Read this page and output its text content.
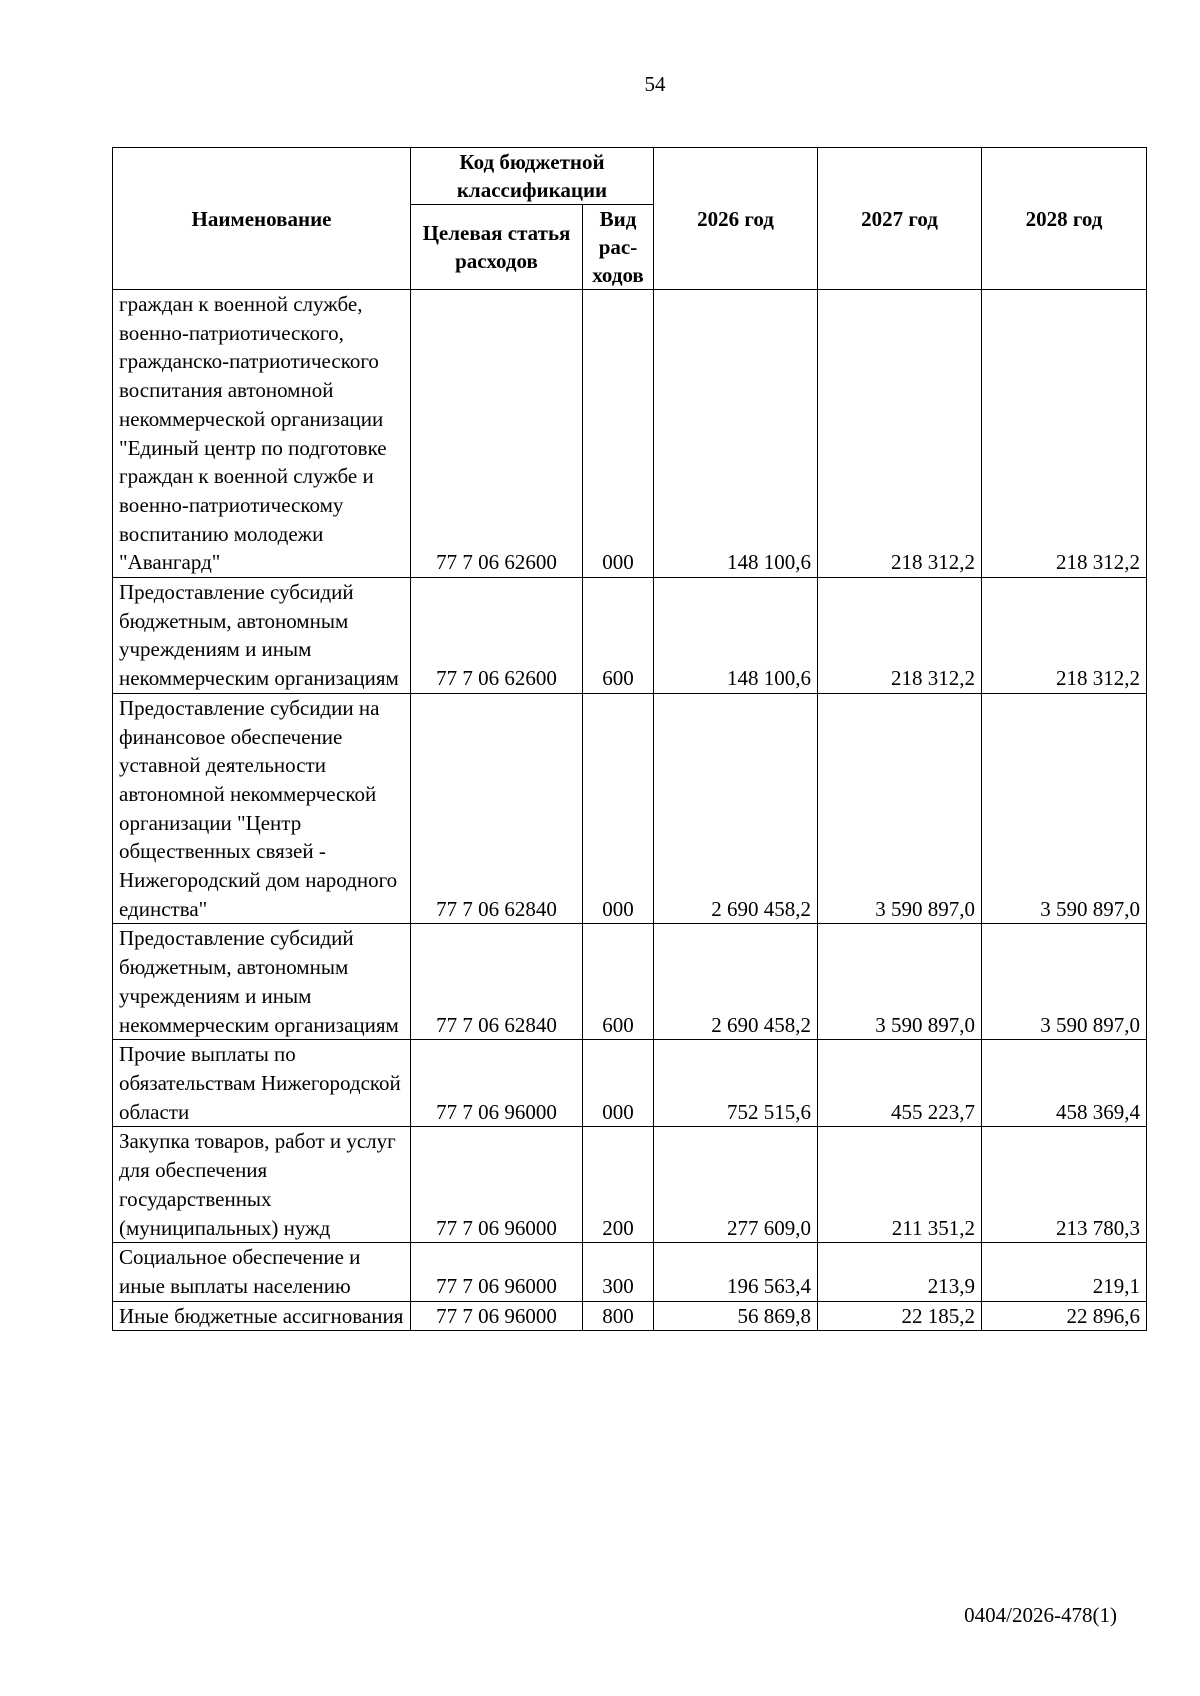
54
Наименование	Код бюджетной классификации		2026 год	2027 год	2028 год
	Целевая статья расходов	Вид рас-ходов			
граждан к военной службе, военно-патриотического, гражданско-патриотического воспитания автономной некоммерческой организации "Единый центр по подготовке граждан к военной службе и военно-патриотическому воспитанию молодежи "Авангард"	77 7 06 62600	000	148 100,6	218 312,2	218 312,2
Предоставление субсидий бюджетным, автономным учреждениям и иным некоммерческим организациям	77 7 06 62600	600	148 100,6	218 312,2	218 312,2
Предоставление субсидии на финансовое обеспечение уставной деятельности автономной некоммерческой организации "Центр общественных связей - Нижегородский дом народного единства"	77 7 06 62840	000	2 690 458,2	3 590 897,0	3 590 897,0
Предоставление субсидий бюджетным, автономным учреждениям и иным некоммерческим организациям	77 7 06 62840	600	2 690 458,2	3 590 897,0	3 590 897,0
Прочие выплаты по обязательствам Нижегородской области	77 7 06 96000	000	752 515,6	455 223,7	458 369,4
Закупка товаров, работ и услуг для обеспечения государственных (муниципальных) нужд	77 7 06 96000	200	277 609,0	211 351,2	213 780,3
Социальное обеспечение и иные выплаты населению	77 7 06 96000	300	196 563,4	213,9	219,1
Иные бюджетные ассигнования	77 7 06 96000	800	56 869,8	22 185,2	22 896,6
0404/2026-478(1)
